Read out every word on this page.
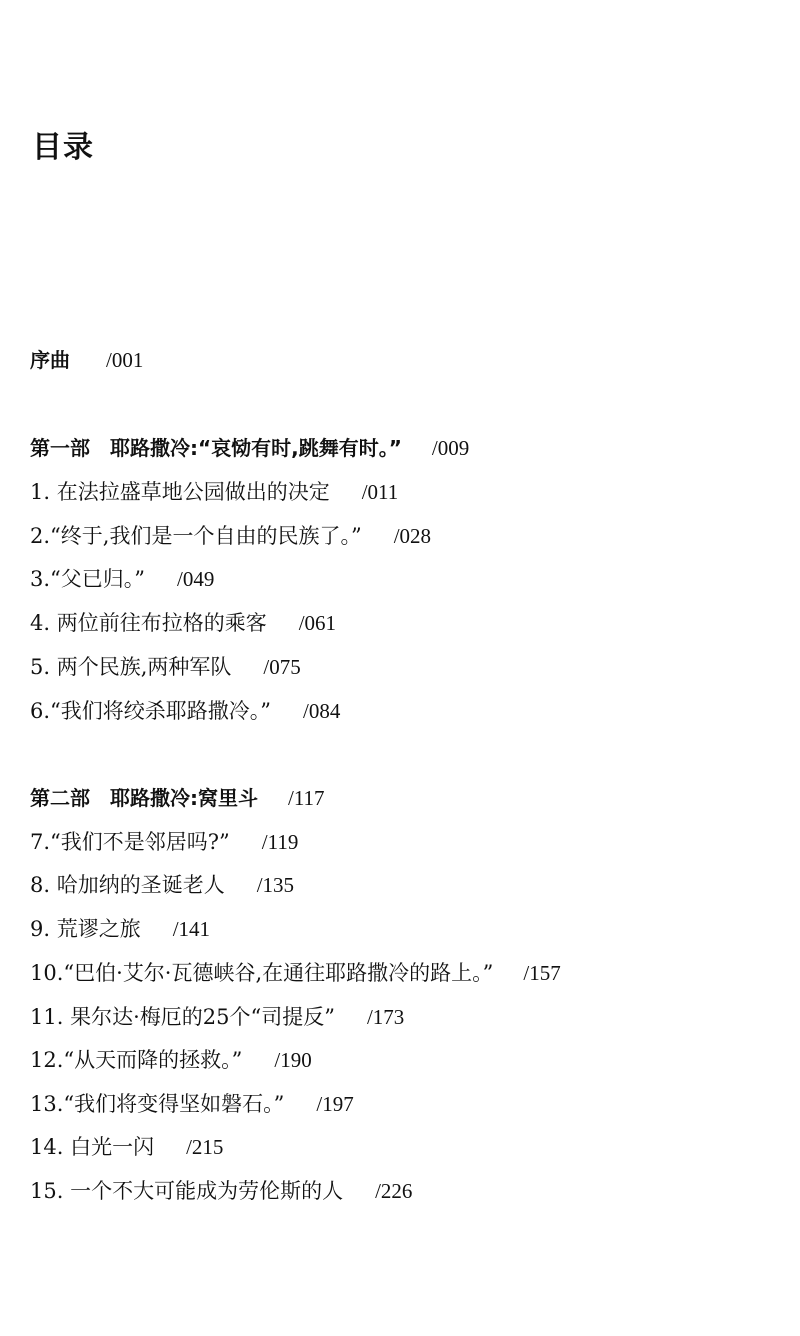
目录
序曲 /001
第一部　耶路撒冷:“哀恸有时,跳舞有时。” /009
1. 在法拉盛草地公园做出的决定 /011
2.“终于,我们是一个自由的民族了。” /028
3.“父已归。” /049
4. 两位前往布拉格的乘客 /061
5. 两个民族,两种军队 /075
6.“我们将绞杀耶路撒冷。” /084
第二部　耶路撒冷:窝里斗 /117
7.“我们不是邻居吗?” /119
8. 哈加纳的圣诞老人 /135
9. 荒谬之旅 /141
10.“巴伯·艾尔·瓦德峡谷,在通往耶路撒冷的路上。” /157
11. 果尔达·梅厄的25个“司提反” /173
12.“从天而降的拯救。” /190
13.“我们将变得坚如磐石。” /197
14. 白光一闪 /215
15. 一个不大可能成为劳伦斯的人 /226
